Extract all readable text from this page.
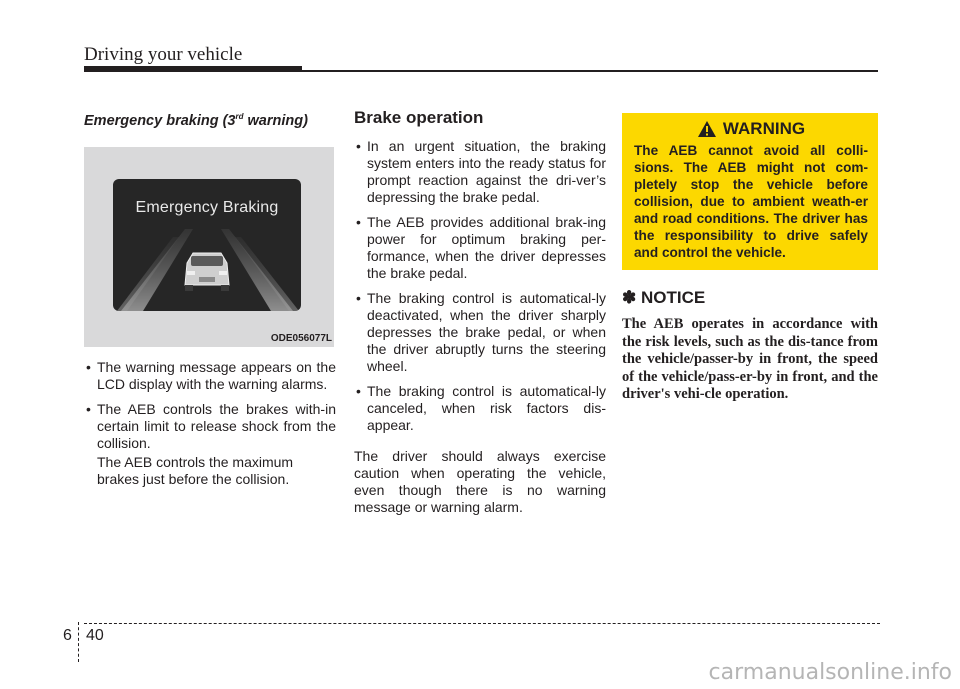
Driving your vehicle
Emergency braking (3rd warning)
Emergency Braking
ODE056077L
• The warning message appears on the LCD display with the warning alarms.
• The AEB controls the brakes with-in certain limit to release shock from the collision.

The AEB controls the maximum brakes just before the collision.

Brake operation
• In an urgent situation, the braking system enters into the ready status for prompt reaction against the dri-ver’s depressing the brake pedal.
• The AEB provides additional brak-ing power for optimum braking per-formance, when the driver depresses the brake pedal.
• The braking control is automatical-ly deactivated, when the driver sharply depresses the brake pedal, or when the driver abruptly turns the steering wheel.
• The braking control is automatical-ly canceled, when risk factors dis-appear.

The driver should always exercise caution when operating the vehicle, even though there is no warning message or warning alarm.

WARNING
The AEB cannot avoid all colli-sions. The AEB might not com-pletely stop the vehicle before collision, due to ambient weath-er and road conditions. The driver has the responsibility to drive safely and control the vehicle.
✽ NOTICE
The AEB operates in accordance with the risk levels, such as the dis-tance from the vehicle/passer-by in front, the speed of the vehicle/pass-er-by in front, and the driver's vehi-cle operation.
6 40
carmanualsonline.info
